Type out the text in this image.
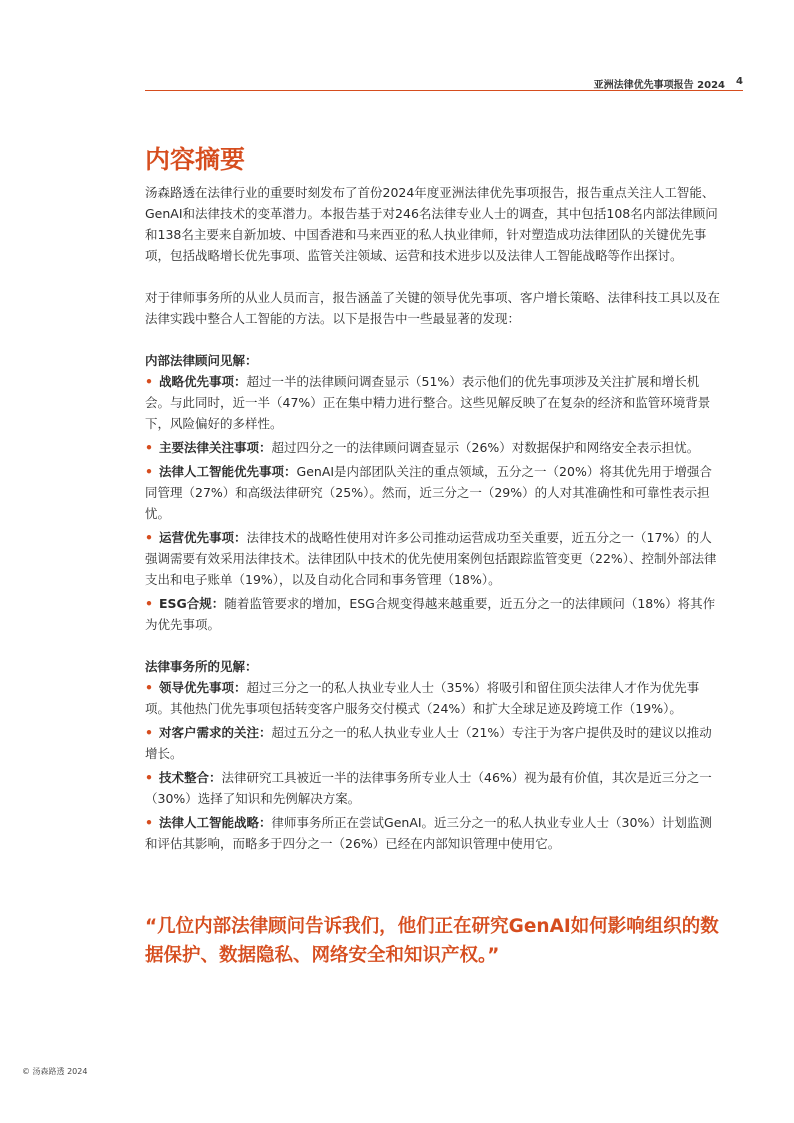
亚洲法律优先事项报告 2024 4
内容摘要

汤森路透在法律行业的重要时刻发布了首份2024年度亚洲法律优先事项报告，报告重点关注人工智能、GenAI和法律技术的变革潜力。本报告基于对246名法律专业人士的调查，其中包括108名内部法律顾问和138名主要来自新加坡、中国香港和马来西亚的私人执业律师，针对塑造成功法律团队的关键优先事项，包括战略增长优先事项、监管关注领域、运营和技术进步以及法律人工智能战略等作出探讨。

对于律师事务所的从业人员而言，报告涵盖了关键的领导优先事项、客户增长策略、法律科技工具以及在法律实践中整合人工智能的方法。以下是报告中一些最显著的发现：

内部法律顾问见解：
• 战略优先事项：超过一半的法律顾问调查显示（51%）表示他们的优先事项涉及关注扩展和增长机会。与此同时，近一半（47%）正在集中精力进行整合。这些见解反映了在复杂的经济和监管环境背景下，风险偏好的多样性。
• 主要法律关注事项：超过四分之一的法律顾问调查显示（26%）对数据保护和网络安全表示担忧。
• 法律人工智能优先事项：GenAI是内部团队关注的重点领域，五分之一（20%）将其优先用于增强合同管理（27%）和高级法律研究（25%）。然而，近三分之一（29%）的人对其准确性和可靠性表示担忧。
• 运营优先事项：法律技术的战略性使用对许多公司推动运营成功至关重要，近五分之一（17%）的人强调需要有效采用法律技术。法律团队中技术的优先使用案例包括跟踪监管变更（22%）、控制外部法律支出和电子账单（19%），以及自动化合同和事务管理（18%）。
• ESG合规：随着监管要求的增加，ESG合规变得越来越重要，近五分之一的法律顾问（18%）将其作为优先事项。
法律事务所的见解：
• 领导优先事项：超过三分之一的私人执业专业人士（35%）将吸引和留住顶尖法律人才作为优先事项。其他热门优先事项包括转变客户服务交付模式（24%）和扩大全球足迹及跨境工作（19%）。
• 对客户需求的关注：超过五分之一的私人执业专业人士（21%）专注于为客户提供及时的建议以推动增长。
• 技术整合：法律研究工具被近一半的法律事务所专业人士（46%）视为最有价值，其次是近三分之一（30%）选择了知识和先例解决方案。
• 法律人工智能战略：律师事务所正在尝试GenAI。近三分之一的私人执业专业人士（30%）计划监测和评估其影响，而略多于四分之一（26%）已经在内部知识管理中使用它。

“几位内部法律顾问告诉我们，他们正在研究GenAI如何影响组织的数据保护、数据隐私、网络安全和知识产权。”

© 汤森路透 2024
